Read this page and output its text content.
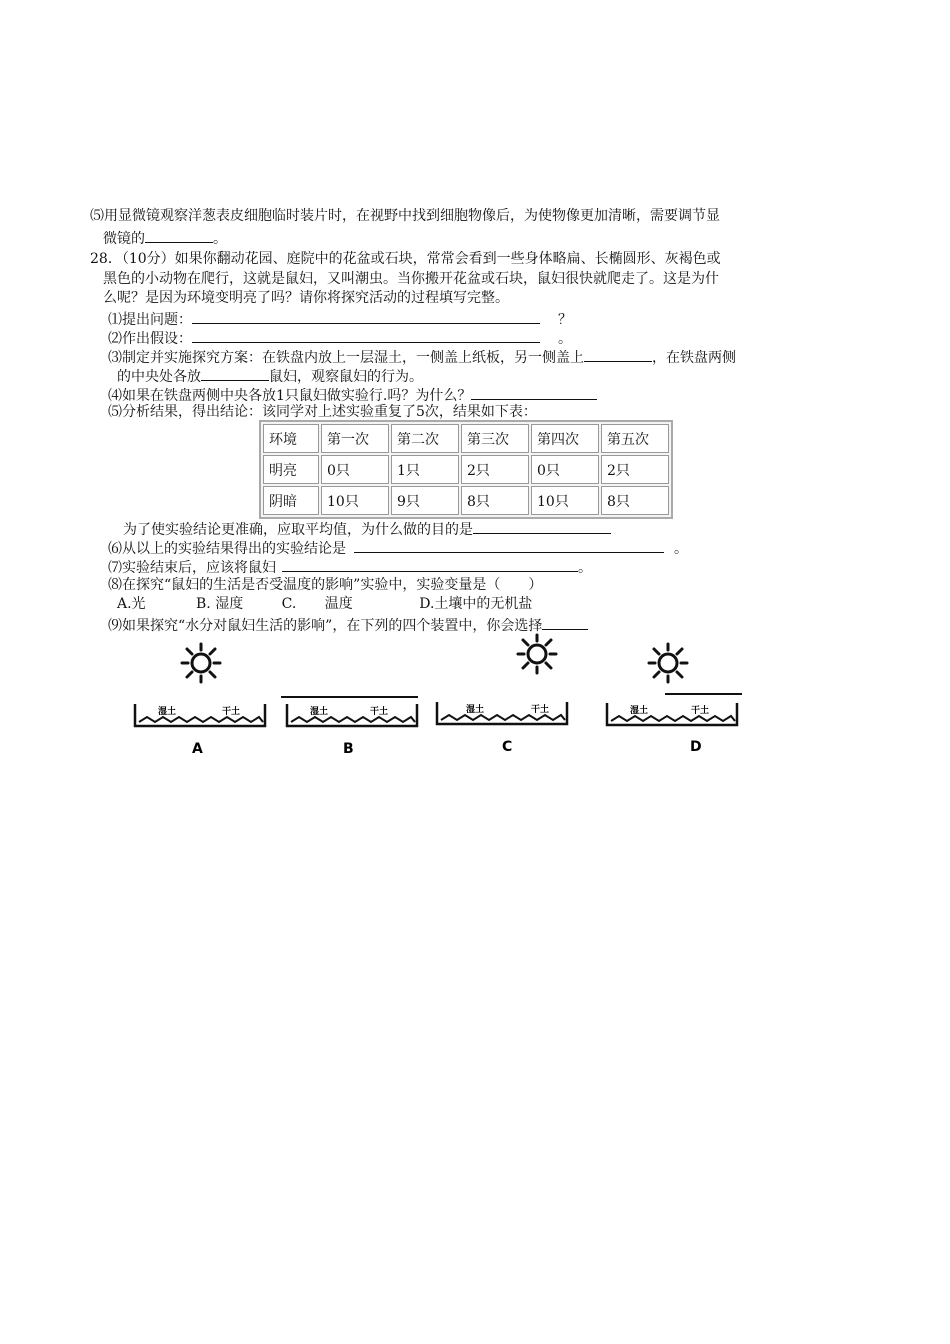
⑸用显微镜观察洋葱表皮细胞临时装片时，在视野中找到细胞物像后，为使物像更加清晰，需要调节显
微镜的	。
28．（10分）如果你翻动花园、庭院中的花盆或石块，常常会看到一些身体略扁、长椭圆形、灰褐色或
黑色的小动物在爬行，这就是鼠妇，又叫潮虫。当你搬开花盆或石块，鼠妇很快就爬走了。这是为什
么呢？是因为环境变明亮了吗？请你将探究活动的过程填写完整。
⑴提出问题：	？
⑵作出假设：	。
⑶制定并实施探究方案：在铁盘内放上一层湿土，一侧盖上纸板，另一侧盖上	，在铁盘两侧
的中央处各放	鼠妇，观察鼠妇的行为。
⑷如果在铁盘两侧中央各放1只鼠妇做实验行.吗？为什么？
⑸分析结果，得出结论：该同学对上述实验重复了5次，结果如下表：
环境	第一次	第二次	第三次	第四次	第五次
明亮	0只	1只	2只	0只	2只
阴暗	10只	9只	8只	10只	8只
为了使实验结论更准确，应取平均值，为什么做的目的是
⑹从以上的实验结果得出的实验结论是	。
⑺实验结束后，应该将鼠妇	。
⑻在探究“鼠妇的生活是否受温度的影响”实验中，实验变量是（　　）
A.光	B. 湿度	C. 温度	D.土壤中的无机盐
⑼如果探究“水分对鼠妇生活的影响”，在下列的四个装置中，你会选择
湿土	干土
A
湿土	干土
B
湿土	干土
C
湿土	干土
D
